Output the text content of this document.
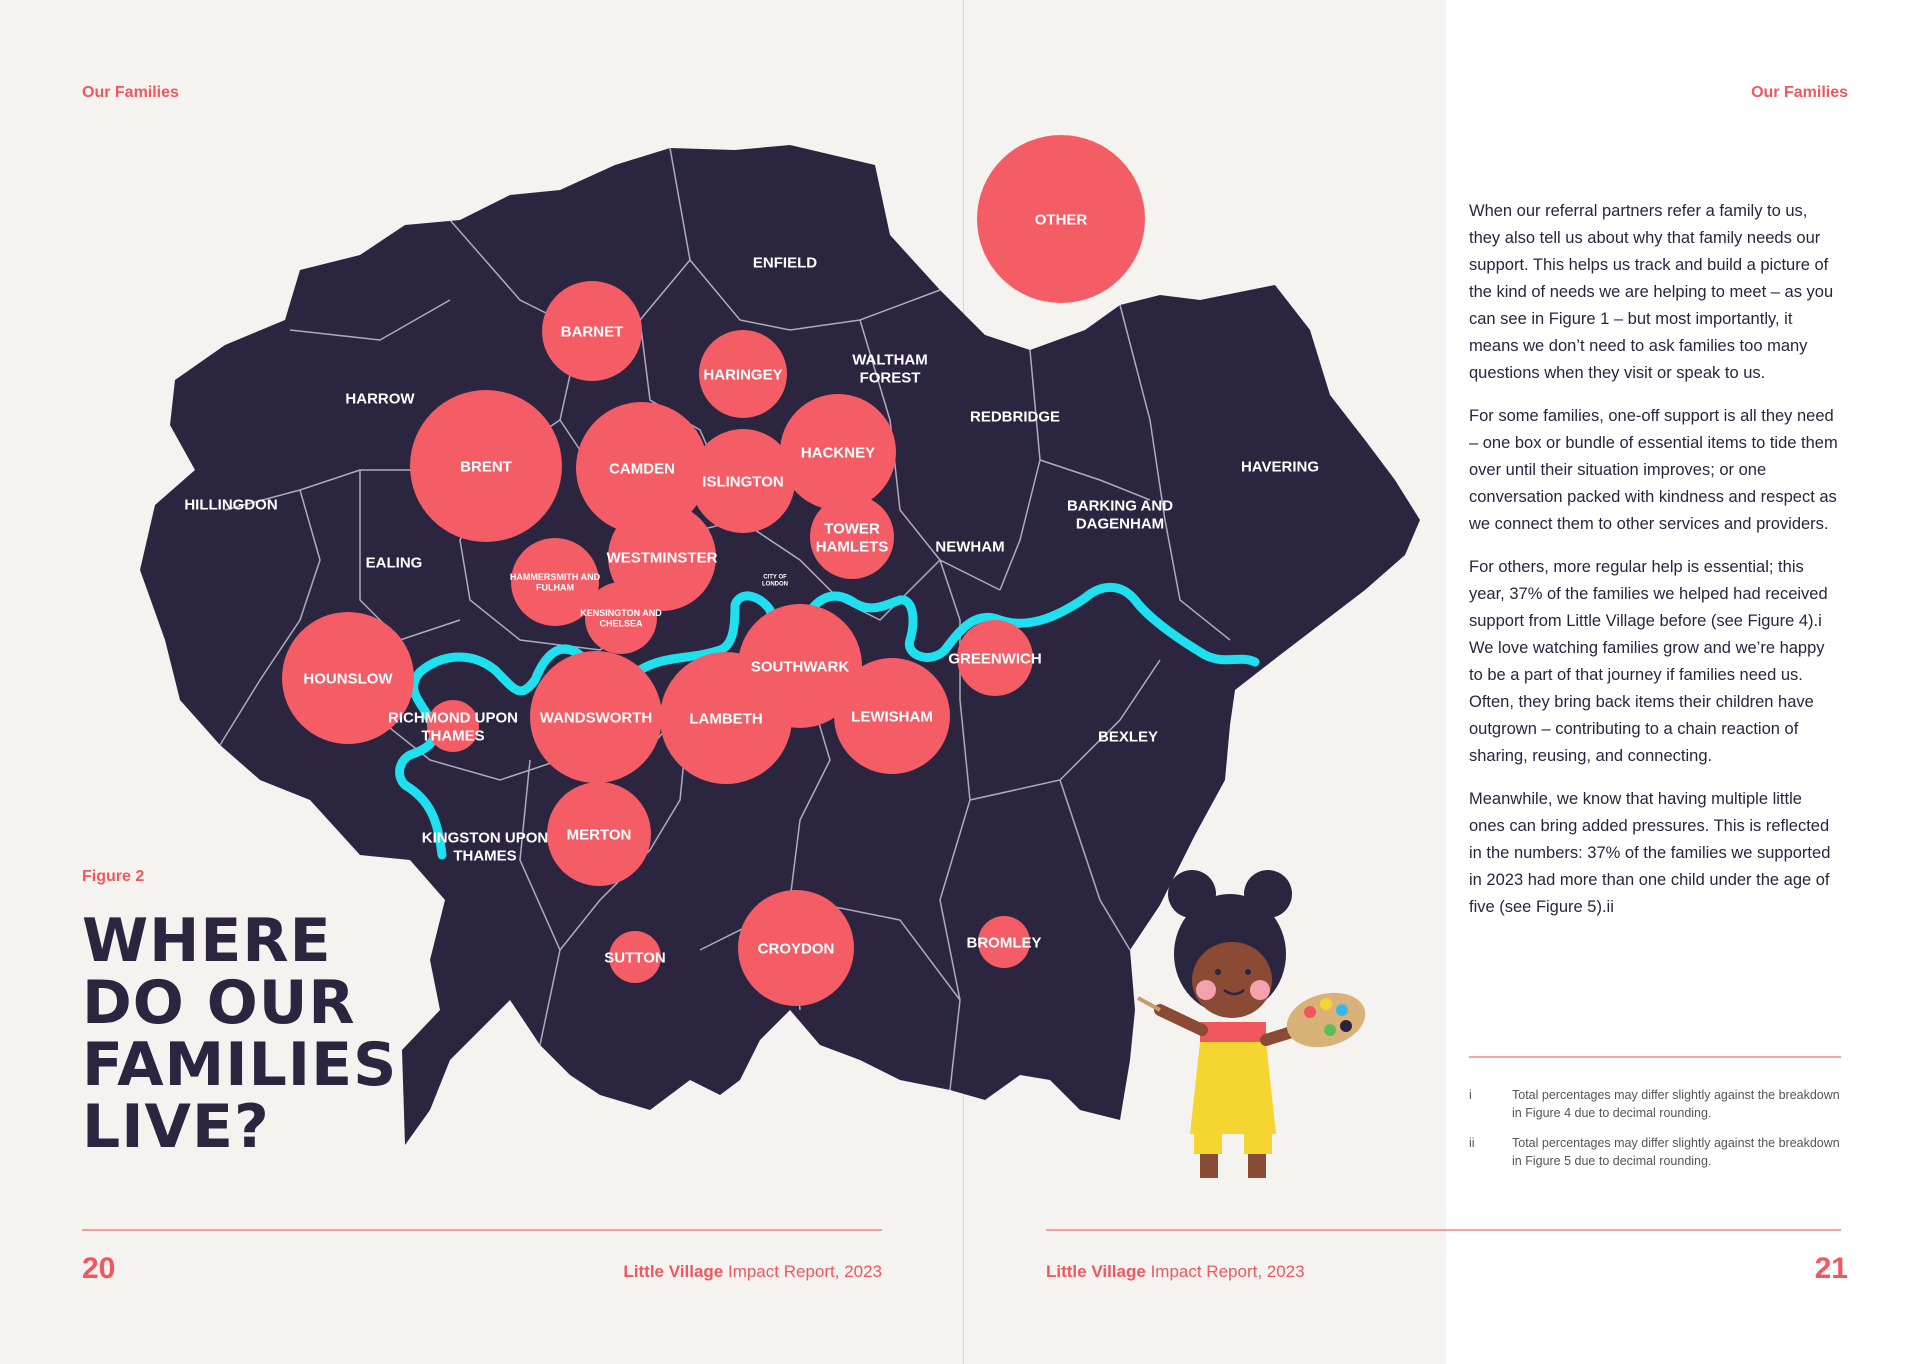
OTHER
BARNET
HARINGEY
BRENT	CAMDEN
ISLINGTON
HACKNEY
TOWER HAMLETS
WESTMINSTER
HAMMERSMITH AND FULHAM
KENSINGTON AND CHELSEA
HOUNSLOW
RICHMOND UPON THAMES
WANDSWORTH LAMBETH
SOUTHWARK
LEWISHAM
GREENWICH
MERTON
SUTTON
CROYDON	BROMLEY
ENFIELD
HARROW
WALTHAM FOREST
REDBRIDGE
HAVERING
HILLINGDON
EALING
NEWHAM
BARKING AND DAGENHAM
CITY OF LONDON
BEXLEY
KINGSTON UPON THAMES
Our Families	Our Families
Figure 2
WHERE
DO OUR
FAMILIES
LIVE?

When our referral partners refer a family to us, they also tell us about why that family needs our support. This helps us track and build a picture of the kind of needs we are helping to meet – as you can see in Figure 1 – but most importantly, it means we don’t need to ask families too many questions when they visit or speak to us.

For some families, one-off support is all they need – one box or bundle of essential items to tide them over until their situation improves; or one conversation packed with kindness and respect as we connect them to other services and providers.

For others, more regular help is essential; this year, 37% of the families we helped had received support from Little Village before (see Figure 4).i We love watching families grow and we’re happy to be a part of that journey if families need us. Often, they bring back items their children have outgrown – contributing to a chain reaction of sharing, reusing, and connecting.

Meanwhile, we know that having multiple little ones can bring added pressures. This is reflected in the numbers: 37% of the families we supported in 2023 had more than one child under the age of five (see Figure 5).ii

i	Total percentages may differ slightly against the breakdown in Figure 4 due to decimal rounding.
ii	Total percentages may differ slightly against the breakdown in Figure 5 due to decimal rounding.
20	Little Village Impact Report, 2023	Little Village Impact Report, 2023	21
